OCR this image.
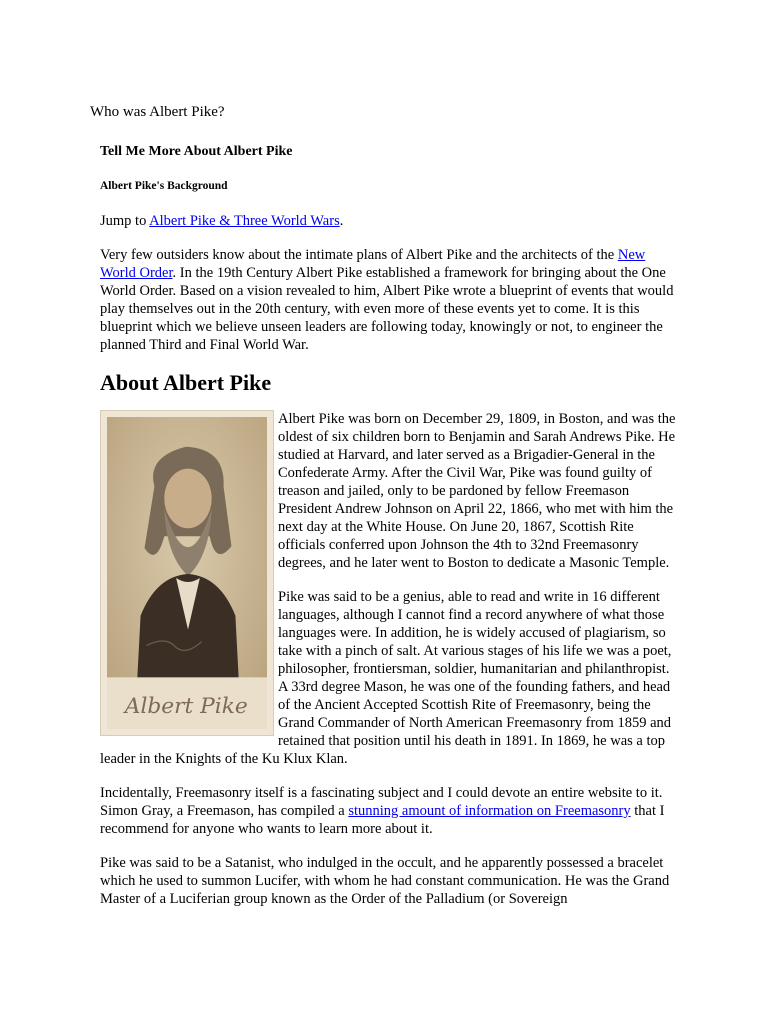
Who was Albert Pike?
Tell Me More About Albert Pike
Albert Pike's Background

Jump to Albert Pike & Three World Wars.

Very few outsiders know about the intimate plans of Albert Pike and the architects of the New World Order. In the 19th Century Albert Pike established a framework for bringing about the One World Order. Based on a vision revealed to him, Albert Pike wrote a blueprint of events that would play themselves out in the 20th century, with even more of these events yet to come. It is this blueprint which we believe unseen leaders are following today, knowingly or not, to engineer the planned Third and Final World War.

About Albert Pike
Albert Pike

Albert Pike was born on December 29, 1809, in Boston, and was the oldest of six children born to Benjamin and Sarah Andrews Pike. He studied at Harvard, and later served as a Brigadier-General in the Confederate Army. After the Civil War, Pike was found guilty of treason and jailed, only to be pardoned by fellow Freemason President Andrew Johnson on April 22, 1866, who met with him the next day at the White House. On June 20, 1867, Scottish Rite officials conferred upon Johnson the 4th to 32nd Freemasonry degrees, and he later went to Boston to dedicate a Masonic Temple.

Pike was said to be a genius, able to read and write in 16 different languages, although I cannot find a record anywhere of what those languages were. In addition, he is widely accused of plagiarism, so take with a pinch of salt. At various stages of his life we was a poet, philosopher, frontiersman, soldier, humanitarian and philanthropist. A 33rd degree Mason, he was one of the founding fathers, and head of the Ancient Accepted Scottish Rite of Freemasonry, being the Grand Commander of North American Freemasonry from 1859 and retained that position until his death in 1891. In 1869, he was a top leader in the Knights of the Ku Klux Klan.

Incidentally, Freemasonry itself is a fascinating subject and I could devote an entire website to it. Simon Gray, a Freemason, has compiled a stunning amount of information on Freemasonry that I recommend for anyone who wants to learn more about it.

Pike was said to be a Satanist, who indulged in the occult, and he apparently possessed a bracelet which he used to summon Lucifer, with whom he had constant communication. He was the Grand Master of a Luciferian group known as the Order of the Palladium (or Sovereign
